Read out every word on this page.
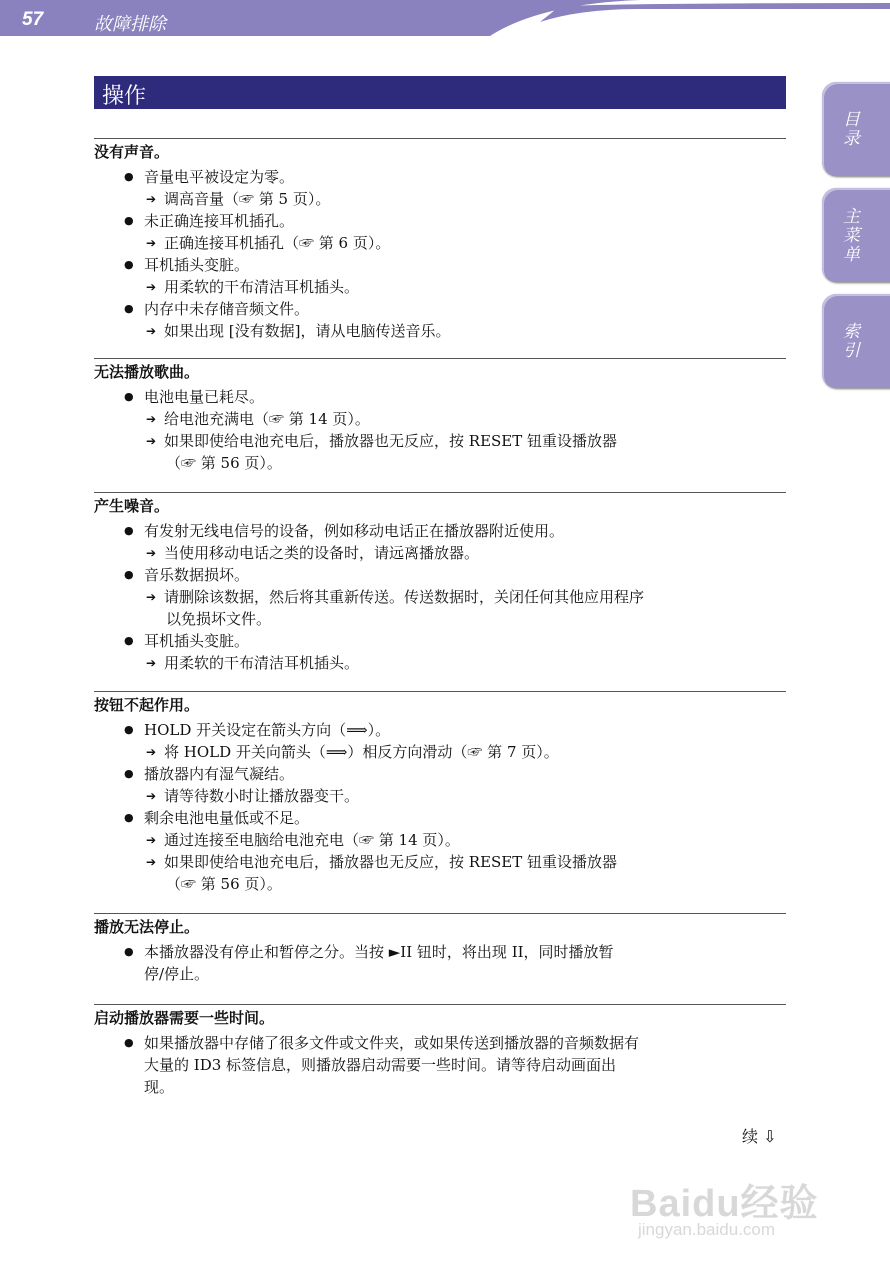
57	故障排除
操作
目录
主菜单
索引
没有声音。
● 音量电平被设定为零。
➔ 调高音量（☞ 第 5 页）。
● 未正确连接耳机插孔。
➔ 正确连接耳机插孔（☞ 第 6 页）。
● 耳机插头变脏。
➔ 用柔软的干布清洁耳机插头。
● 内存中未存储音频文件。
➔ 如果出现 [没有数据]，请从电脑传送音乐。
无法播放歌曲。
● 电池电量已耗尽。
➔ 给电池充满电（☞ 第 14 页）。
➔ 如果即使给电池充电后，播放器也无反应，按 RESET 钮重设播放器
（☞ 第 56 页）。
产生噪音。
● 有发射无线电信号的设备，例如移动电话正在播放器附近使用。
➔ 当使用移动电话之类的设备时，请远离播放器。
● 音乐数据损坏。
➔ 请删除该数据，然后将其重新传送。传送数据时，关闭任何其他应用程序
以免损坏文件。
● 耳机插头变脏。
➔ 用柔软的干布清洁耳机插头。
按钮不起作用。
● HOLD 开关设定在箭头方向（⟹）。
➔ 将 HOLD 开关向箭头（⟹）相反方向滑动（☞ 第 7 页）。
● 播放器内有湿气凝结。
➔ 请等待数小时让播放器变干。
● 剩余电池电量低或不足。
➔ 通过连接至电脑给电池充电（☞ 第 14 页）。
➔ 如果即使给电池充电后，播放器也无反应，按 RESET 钮重设播放器
（☞ 第 56 页）。
播放无法停止。
● 本播放器没有停止和暂停之分。当按 ►II 钮时，将出现 II，同时播放暂
停/停止。
启动播放器需要一些时间。
● 如果播放器中存储了很多文件或文件夹，或如果传送到播放器的音频数据有
大量的 ID3 标签信息，则播放器启动需要一些时间。请等待启动画面出
现。
续 ⇩
Baidu经验
jingyan.baidu.com
